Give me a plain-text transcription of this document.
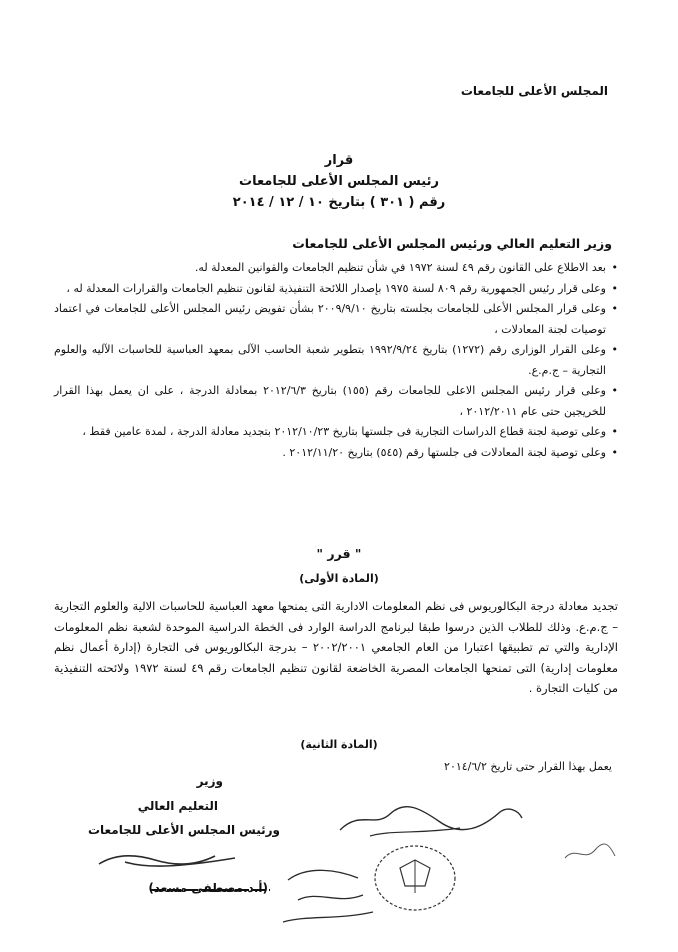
المجلس الأعلى للجامعات
قرار
رئيس المجلس الأعلى للجامعات
رقم ( ٣٠١ ) بتاريخ ١٠ / ١٢ / ٢٠١٤
وزير التعليم العالي ورئيس المجلس الأعلى للجامعات
• بعد الاطلاع على القانون رقم ٤٩ لسنة ١٩٧٢ في شأن تنظيم الجامعات والقوانين المعدلة له.
• وعلى قرار رئيس الجمهورية رقم ٨٠٩ لسنة ١٩٧٥ بإصدار اللائحة التنفيذية لقانون تنظيم الجامعات والقرارات المعدلة له ،
• وعلى قرار المجلس الأعلى للجامعات بجلسته بتاريخ ٢٠٠٩/٩/١٠ بشأن تفويض رئيس المجلس الأعلى للجامعات في اعتماد توصيات لجنة المعادلات ،
• وعلى القرار الوزارى رقم (١٢٧٢) بتاريخ ١٩٩٢/٩/٢٤ بتطوير شعبة الحاسب الآلى بمعهد العباسية للحاسبات الآليه والعلوم التجارية – ج.م.ع.
• وعلى قرار رئيس المجلس الاعلى للجامعات رقم (١٥٥) بتاريخ ٢٠١٢/٦/٣ بمعادلة الدرجة ، على ان يعمل بهذا القرار للخريجين حتى عام ٢٠١٢/٢٠١١ ،
• وعلى توصية لجنة قطاع الدراسات التجارية فى جلستها بتاريخ ٢٠١٢/١٠/٢٣ بتجديد معادلة الدرجة ، لمدة عامين فقط ،
• وعلى توصية لجنة المعادلات فى جلستها رقم (٥٤٥) بتاريخ ٢٠١٢/١١/٢٠ .
" قرر "
(المادة الأولى)
تجديد معادلة درجة البكالوريوس فى نظم المعلومات الادارية التى يمنحها معهد العباسية للحاسبات الالية والعلوم التجارية – ج.م.ع. وذلك للطلاب الذين درسوا طبقا لبرنامج الدراسة الوارد فى الخطة الدراسية الموحدة لشعبة نظم المعلومات الإدارية والتي تم تطبيقها اعتبارا من العام الجامعي ٢٠٠٢/٢٠٠١ – بدرجة البكالوريوس فى التجارة (إدارة أعمال نظم معلومات إدارية) التى تمنحها الجامعات المصرية الخاضعة لقانون تنظيم الجامعات رقم ٤٩ لسنة ١٩٧٢ ولائحته التنفيذية من كليات التجارة .
(المادة الثانية)
يعمل بهذا القرار حتى تاريخ ٢٠١٤/٦/٢
وزير
التعليم العالي
ورئيس المجلس الأعلى للجامعات
(أ.د.مصطفى مسعد)
